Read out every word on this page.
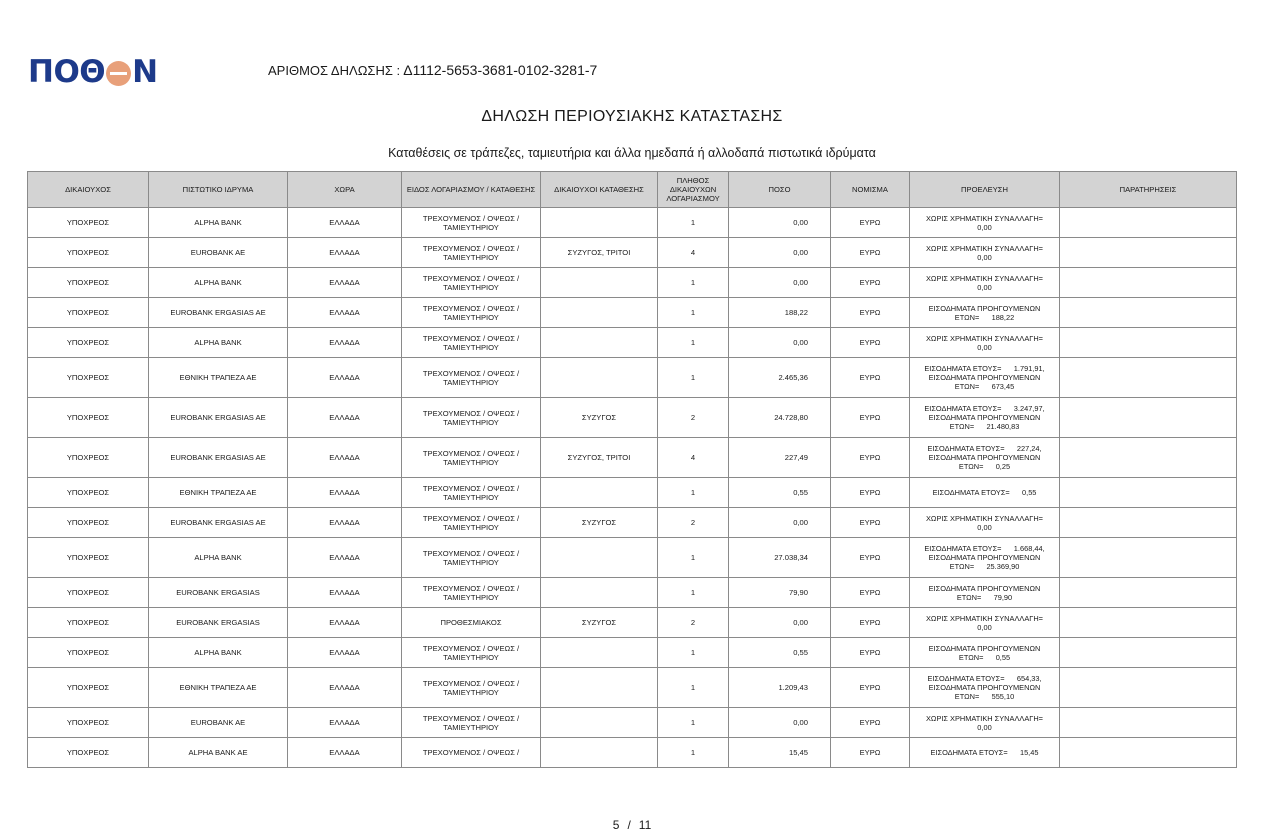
ΠΟΘ Ν	ΑΡΙΘΜΟΣ ΔΗΛΩΣΗΣ : Δ1112-5653-3681-0102-3281-7
ΔΗΛΩΣΗ ΠΕΡΙΟΥΣΙΑΚΗΣ ΚΑΤΑΣΤΑΣΗΣ
Καταθέσεις σε τράπεζες, ταμιευτήρια και άλλα ημεδαπά ή αλλοδαπά πιστωτικά ιδρύματα
ΔΙΚΑΙΟΥΧΟΣ	ΠΙΣΤΩΤΙΚΟ ΙΔΡΥΜΑ	ΧΩΡΑ	ΕΙΔΟΣ ΛΟΓΑΡΙΑΣΜΟΥ / ΚΑΤΑΘΕΣΗΣ	ΔΙΚΑΙΟΥΧΟΙ ΚΑΤΑΘΕΣΗΣ	ΠΛΗΘΟΣ ΔΙΚΑΙΟΥΧΩΝ ΛΟΓΑΡΙΑΣΜΟΥ	ΠΟΣΟ	ΝΟΜΙΣΜΑ	ΠΡΟΕΛΕΥΣΗ	ΠΑΡΑΤΗΡΗΣΕΙΣ
ΥΠΟΧΡΕΟΣ	ALPHA BANK	ΕΛΛΑΔΑ	ΤΡΕΧΟΥΜΕΝΟΣ / ΟΨΕΩΣ / ΤΑΜΙΕΥΤΗΡΙΟΥ		1	0,00	ΕΥΡΩ	ΧΩΡΙΣ ΧΡΗΜΑΤΙΚΗ ΣΥΝΑΛΛΑΓΗ=
0,00	

ΥΠΟΧΡΕΟΣ	EUROBANK AE	ΕΛΛΑΔΑ	ΤΡΕΧΟΥΜΕΝΟΣ / ΟΨΕΩΣ / ΤΑΜΙΕΥΤΗΡΙΟΥ	ΣΥΖΥΓΟΣ, ΤΡΙΤΟΙ	4	0,00	ΕΥΡΩ	ΧΩΡΙΣ ΧΡΗΜΑΤΙΚΗ ΣΥΝΑΛΛΑΓΗ=
0,00	

ΥΠΟΧΡΕΟΣ	ALPHA BANK	ΕΛΛΑΔΑ	ΤΡΕΧΟΥΜΕΝΟΣ / ΟΨΕΩΣ / ΤΑΜΙΕΥΤΗΡΙΟΥ		1	0,00	ΕΥΡΩ	ΧΩΡΙΣ ΧΡΗΜΑΤΙΚΗ ΣΥΝΑΛΛΑΓΗ=
0,00	

ΥΠΟΧΡΕΟΣ	EUROBANK ERGASIAS AE	ΕΛΛΑΔΑ	ΤΡΕΧΟΥΜΕΝΟΣ / ΟΨΕΩΣ / ΤΑΜΙΕΥΤΗΡΙΟΥ		1	188,22	ΕΥΡΩ	ΕΙΣΟΔΗΜΑΤΑ ΠΡΟΗΓΟΥΜΕΝΩΝ
ΕΤΩΝ=      188,22	

ΥΠΟΧΡΕΟΣ	ALPHA BANK	ΕΛΛΑΔΑ	ΤΡΕΧΟΥΜΕΝΟΣ / ΟΨΕΩΣ / ΤΑΜΙΕΥΤΗΡΙΟΥ		1	0,00	ΕΥΡΩ	ΧΩΡΙΣ ΧΡΗΜΑΤΙΚΗ ΣΥΝΑΛΛΑΓΗ=
0,00	

ΥΠΟΧΡΕΟΣ	ΕΘΝΙΚΗ ΤΡΑΠΕΖΑ ΑΕ	ΕΛΛΑΔΑ	ΤΡΕΧΟΥΜΕΝΟΣ / ΟΨΕΩΣ / ΤΑΜΙΕΥΤΗΡΙΟΥ		1	2.465,36	ΕΥΡΩ	ΕΙΣΟΔΗΜΑΤΑ ΕΤΟΥΣ=      1.791,91,
ΕΙΣΟΔΗΜΑΤΑ ΠΡΟΗΓΟΥΜΕΝΩΝ
ΕΤΩΝ=      673,45	

ΥΠΟΧΡΕΟΣ	EUROBANK ERGASIAS AE	ΕΛΛΑΔΑ	ΤΡΕΧΟΥΜΕΝΟΣ / ΟΨΕΩΣ / ΤΑΜΙΕΥΤΗΡΙΟΥ	ΣΥΖΥΓΟΣ	2	24.728,80	ΕΥΡΩ	ΕΙΣΟΔΗΜΑΤΑ ΕΤΟΥΣ=      3.247,97,
ΕΙΣΟΔΗΜΑΤΑ ΠΡΟΗΓΟΥΜΕΝΩΝ
ΕΤΩΝ=      21.480,83	

ΥΠΟΧΡΕΟΣ	EUROBANK ERGASIAS AE	ΕΛΛΑΔΑ	ΤΡΕΧΟΥΜΕΝΟΣ / ΟΨΕΩΣ / ΤΑΜΙΕΥΤΗΡΙΟΥ	ΣΥΖΥΓΟΣ, ΤΡΙΤΟΙ	4	227,49	ΕΥΡΩ	ΕΙΣΟΔΗΜΑΤΑ ΕΤΟΥΣ=      227,24,
ΕΙΣΟΔΗΜΑΤΑ ΠΡΟΗΓΟΥΜΕΝΩΝ
ΕΤΩΝ=      0,25	

ΥΠΟΧΡΕΟΣ	ΕΘΝΙΚΗ ΤΡΑΠΕΖΑ ΑΕ	ΕΛΛΑΔΑ	ΤΡΕΧΟΥΜΕΝΟΣ / ΟΨΕΩΣ / ΤΑΜΙΕΥΤΗΡΙΟΥ		1	0,55	ΕΥΡΩ	ΕΙΣΟΔΗΜΑΤΑ ΕΤΟΥΣ=      0,55	

ΥΠΟΧΡΕΟΣ	EUROBANK ERGASIAS AE	ΕΛΛΑΔΑ	ΤΡΕΧΟΥΜΕΝΟΣ / ΟΨΕΩΣ / ΤΑΜΙΕΥΤΗΡΙΟΥ	ΣΥΖΥΓΟΣ	2	0,00	ΕΥΡΩ	ΧΩΡΙΣ ΧΡΗΜΑΤΙΚΗ ΣΥΝΑΛΛΑΓΗ=
0,00	

ΥΠΟΧΡΕΟΣ	ALPHA BANK	ΕΛΛΑΔΑ	ΤΡΕΧΟΥΜΕΝΟΣ / ΟΨΕΩΣ / ΤΑΜΙΕΥΤΗΡΙΟΥ		1	27.038,34	ΕΥΡΩ	ΕΙΣΟΔΗΜΑΤΑ ΕΤΟΥΣ=      1.668,44,
ΕΙΣΟΔΗΜΑΤΑ ΠΡΟΗΓΟΥΜΕΝΩΝ
ΕΤΩΝ=      25.369,90	

ΥΠΟΧΡΕΟΣ	EUROBANK ERGASIAS	ΕΛΛΑΔΑ	ΤΡΕΧΟΥΜΕΝΟΣ / ΟΨΕΩΣ / ΤΑΜΙΕΥΤΗΡΙΟΥ		1	79,90	ΕΥΡΩ	ΕΙΣΟΔΗΜΑΤΑ ΠΡΟΗΓΟΥΜΕΝΩΝ
ΕΤΩΝ=      79,90	

ΥΠΟΧΡΕΟΣ	EUROBANK ERGASIAS	ΕΛΛΑΔΑ	ΠΡΟΘΕΣΜΙΑΚΟΣ	ΣΥΖΥΓΟΣ	2	0,00	ΕΥΡΩ	ΧΩΡΙΣ ΧΡΗΜΑΤΙΚΗ ΣΥΝΑΛΛΑΓΗ=
0,00	

ΥΠΟΧΡΕΟΣ	ALPHA BANK	ΕΛΛΑΔΑ	ΤΡΕΧΟΥΜΕΝΟΣ / ΟΨΕΩΣ / ΤΑΜΙΕΥΤΗΡΙΟΥ		1	0,55	ΕΥΡΩ	ΕΙΣΟΔΗΜΑΤΑ ΠΡΟΗΓΟΥΜΕΝΩΝ
ΕΤΩΝ=      0,55	

ΥΠΟΧΡΕΟΣ	ΕΘΝΙΚΗ ΤΡΑΠΕΖΑ ΑΕ	ΕΛΛΑΔΑ	ΤΡΕΧΟΥΜΕΝΟΣ / ΟΨΕΩΣ / ΤΑΜΙΕΥΤΗΡΙΟΥ		1	1.209,43	ΕΥΡΩ	ΕΙΣΟΔΗΜΑΤΑ ΕΤΟΥΣ=      654,33,
ΕΙΣΟΔΗΜΑΤΑ ΠΡΟΗΓΟΥΜΕΝΩΝ
ΕΤΩΝ=      555,10	

ΥΠΟΧΡΕΟΣ	EUROBANK AE	ΕΛΛΑΔΑ	ΤΡΕΧΟΥΜΕΝΟΣ / ΟΨΕΩΣ / ΤΑΜΙΕΥΤΗΡΙΟΥ		1	0,00	ΕΥΡΩ	ΧΩΡΙΣ ΧΡΗΜΑΤΙΚΗ ΣΥΝΑΛΛΑΓΗ=
0,00	

ΥΠΟΧΡΕΟΣ	ALPHA BANK AE	ΕΛΛΑΔΑ	ΤΡΕΧΟΥΜΕΝΟΣ / ΟΨΕΩΣ /		1	15,45	ΕΥΡΩ	ΕΙΣΟΔΗΜΑΤΑ ΕΤΟΥΣ=      15,45	

5 / 11
